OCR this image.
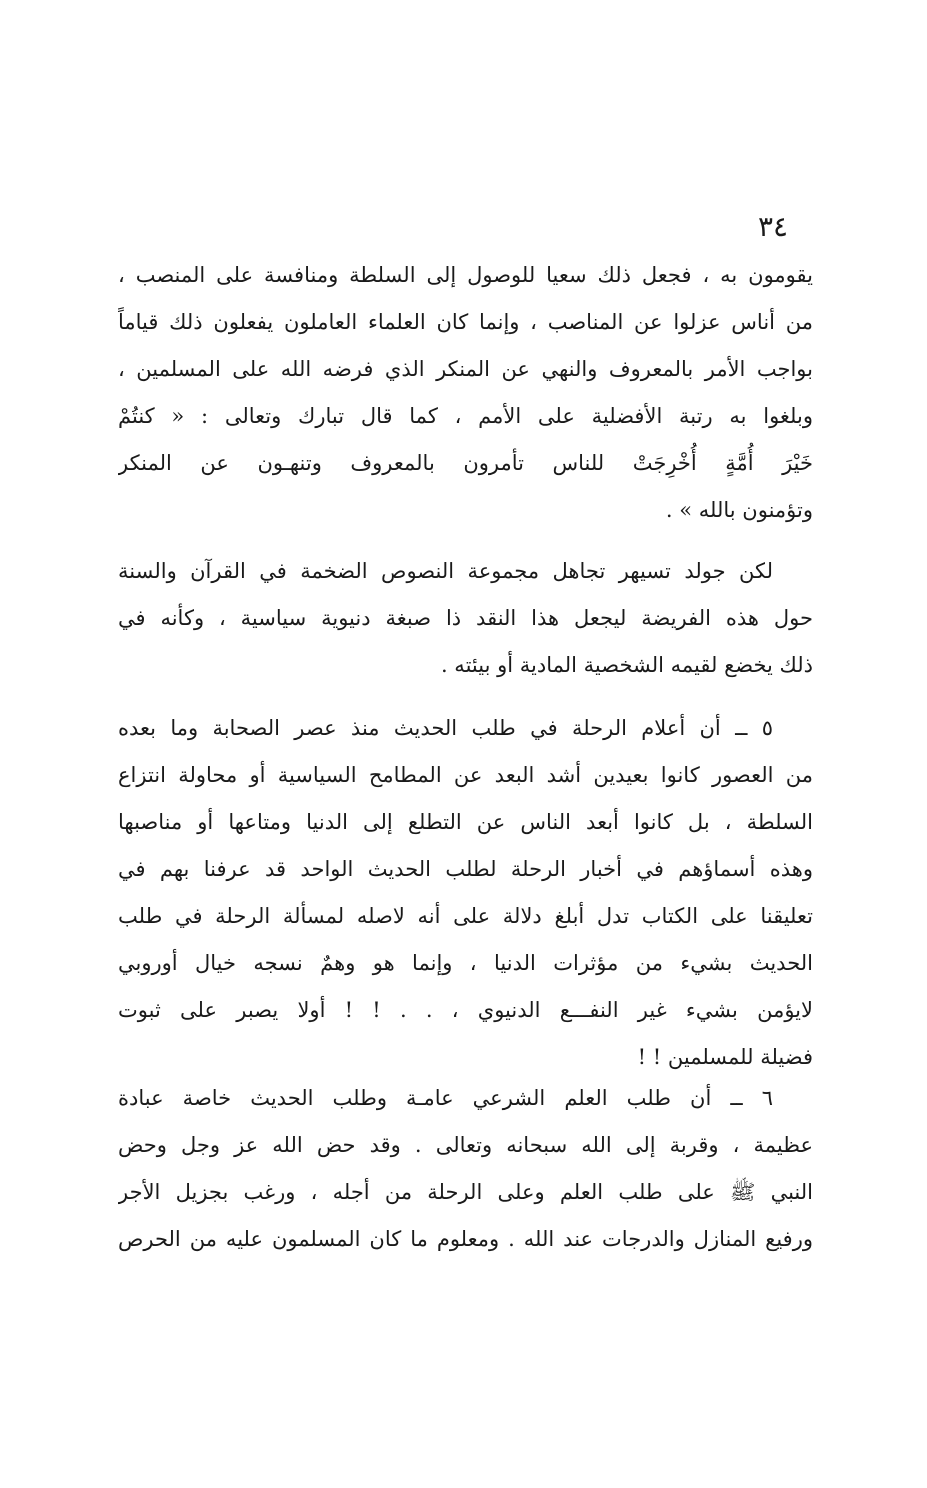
٣٤
يقومون به ، فجعل ذلك سعيا للوصول إلى السلطة ومنافسة على المنصب ،
من أناس عزلوا عن المناصب ، وإنما كان العلماء العاملون يفعلون ذلك قياماً
بواجب الأمر بالمعروف والنهي عن المنكر الذي فرضه الله على المسلمين ،
وبلغوا به رتبة الأفضلية على الأمم ، كما قال تبارك وتعالى : « كنتُمْ
خَيْرَ أُمَّةٍ أُخْرِجَتْ للناس تأمرون بالمعروف وتنهـون عن المنكر
وتؤمنون بالله » .
لكن جولد تسيهر تجاهل مجموعة النصوص الضخمة في القرآن والسنة
حول هذه الفريضة ليجعل هذا النقد ذا صبغة دنيوية سياسية ، وكأنه في
ذلك يخضع لقيمه الشخصية المادية أو بيئته .
٥ ــ أن أعلام الرحلة في طلب الحديث منذ عصر الصحابة وما بعده
من العصور كانوا بعيدين أشد البعد عن المطامح السياسية أو محاولة انتزاع
السلطة ، بل كانوا أبعد الناس عن التطلع إلى الدنيا ومتاعها أو مناصبها
وهذه أسماؤهم في أخبار الرحلة لطلب الحديث الواحد قد عرفنا بهم في
تعليقنا على الكتاب تدل أبلغ دلالة على أنه لاصله لمسألة الرحلة في طلب
الحديث بشيء من مؤثرات الدنيا ، وإنما هو وهمٌ نسجه خيال أوروبي
لايؤمن بشيء غير النفـــع الدنيوي ، . . ! ! أولا يصبر على ثبوت
فضيلة للمسلمين ! !
٦ ــ أن طلب العلم الشرعي عامـة وطلب الحديث خاصة عبادة
عظيمة ، وقربة إلى الله سبحانه وتعالى . وقد حض الله عز وجل وحض
النبي ﷺ على طلب العلم وعلى الرحلة من أجله ، ورغب بجزيل الأجر
ورفيع المنازل والدرجات عند الله . ومعلوم ما كان المسلمون عليه من الحرص
